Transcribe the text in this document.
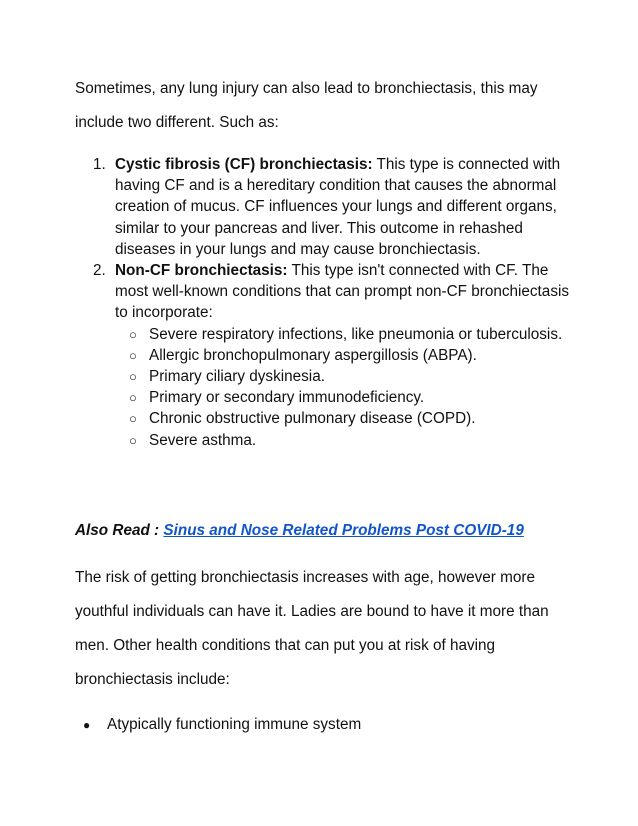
Sometimes, any lung injury can also lead to bronchiectasis, this may include two different. Such as:

1. Cystic fibrosis (CF) bronchiectasis: This type is connected with having CF and is a hereditary condition that causes the abnormal creation of mucus. CF influences your lungs and different organs, similar to your pancreas and liver. This outcome in rehashed diseases in your lungs and may cause bronchiectasis.
2. Non-CF bronchiectasis: This type isn't connected with CF. The most well-known conditions that can prompt non-CF bronchiectasis to incorporate:
○ Severe respiratory infections, like pneumonia or tuberculosis.
○ Allergic bronchopulmonary aspergillosis (ABPA).
○ Primary ciliary dyskinesia.
○ Primary or secondary immunodeficiency.
○ Chronic obstructive pulmonary disease (COPD).
○ Severe asthma.

Also Read : Sinus and Nose Related Problems Post COVID-19

The risk of getting bronchiectasis increases with age, however more youthful individuals can have it. Ladies are bound to have it more than men. Other health conditions that can put you at risk of having bronchiectasis include:

● Atypically functioning immune system
